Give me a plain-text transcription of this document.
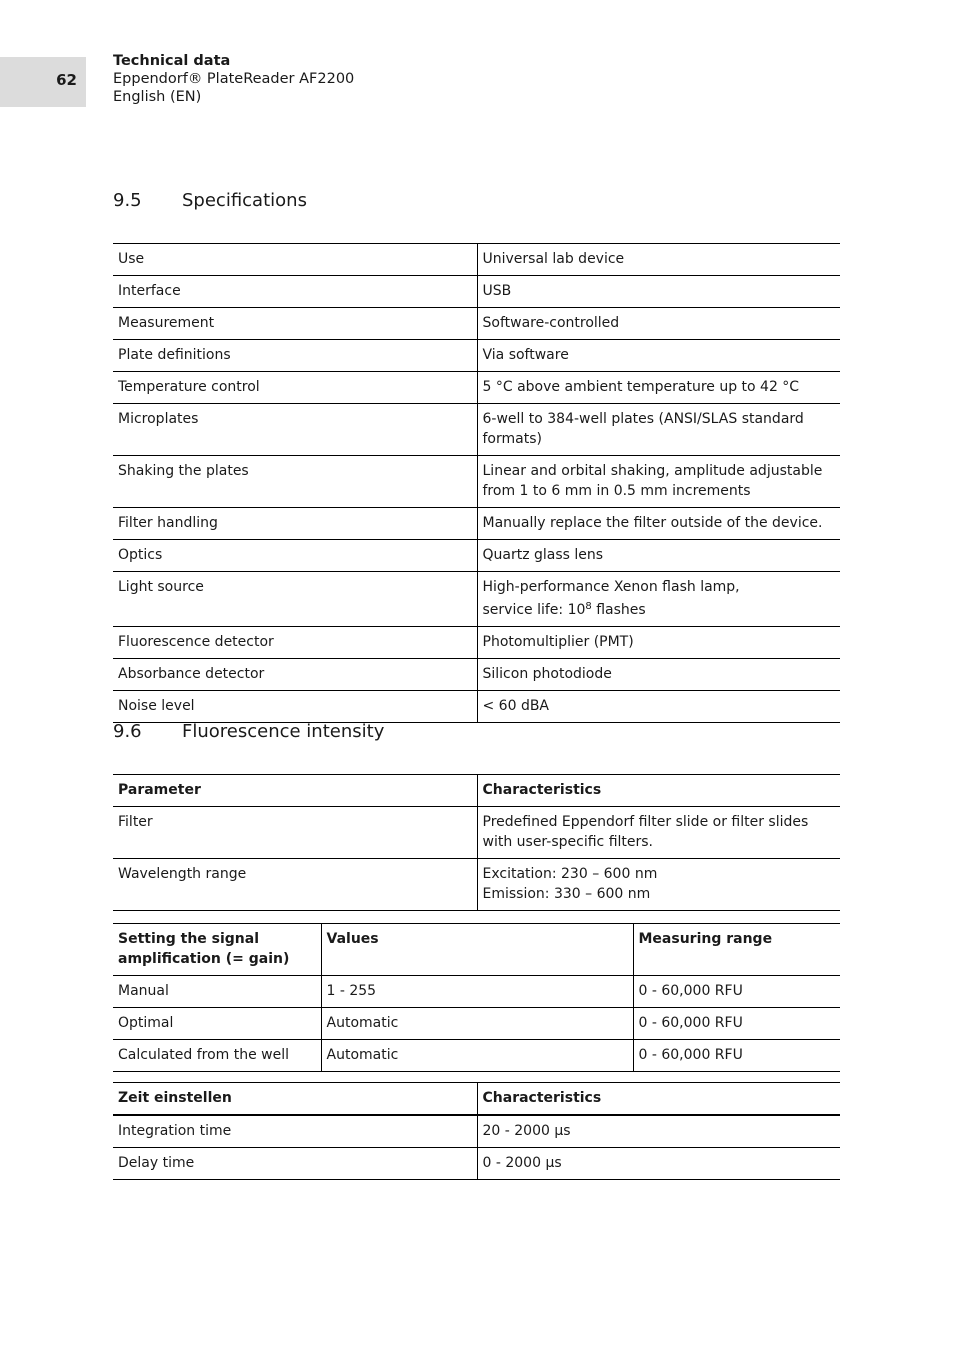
62
Technical data
Eppendorf® PlateReader AF2200
English (EN)
9.5 Specifications
Use	Universal lab device
Interface	USB
Measurement	Software-controlled
Plate definitions	Via software
Temperature control	5 °C above ambient temperature up to 42 °C
Microplates	6-well to 384-well plates (ANSI/SLAS standard formats)
Shaking the plates	Linear and orbital shaking, amplitude adjustable from 1 to 6 mm in 0.5 mm increments
Filter handling	Manually replace the filter outside of the device.
Optics	Quartz glass lens
Light source	High-performance Xenon flash lamp,
service life: $10^8$ flashes

Fluorescence detector	Photomultiplier (PMT)
Absorbance detector	Silicon photodiode
Noise level	< 60 dBA
9.6 Fluorescence intensity
Parameter	Characteristics
Filter	Predefined Eppendorf filter slide or filter slides with user-specific filters.
Wavelength range	Excitation: 230 – 600 nm
Emission: 330 – 600 nm
Setting the signal amplification (= gain)	Values	Measuring range
Manual	1 - 255	0 - 60,000 RFU
Optimal	Automatic	0 - 60,000 RFU
Calculated from the well	Automatic	0 - 60,000 RFU
Zeit einstellen	Characteristics
Integration time	20 - 2000 µs
Delay time	0 - 2000 µs
